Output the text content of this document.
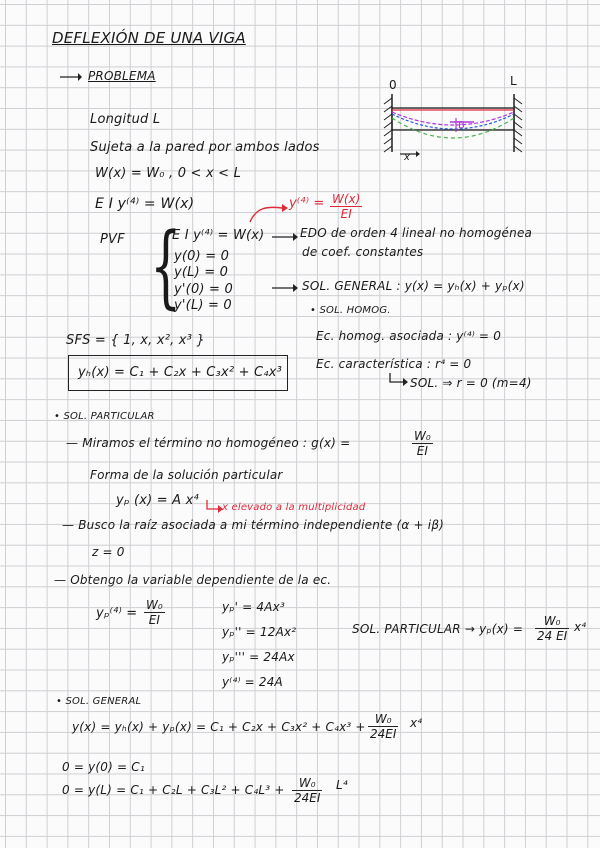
DEFLEXIÓN DE UNA VIGA
PROBLEMA
Longitud L
Sujeta a la pared por ambos lados
W(x) = W₀ , 0 < x < L
E I y⁽⁴⁾ = W(x)	$y^{(4)} = \frac{W(x)}{EI}$
PVF {
E I y⁽⁴⁾ = W(x)
y(0) = 0
y(L) = 0
y'(0) = 0
y'(L) = 0
EDO de orden 4 lineal no homogénea
de coef. constantes
SOL. GENERAL : y(x) = yₕ(x) + yₚ(x)
• SOL. HOMOG.
Ec. homog. asociada : y⁽⁴⁾ = 0
Ec. característica : r⁴ = 0
SOL. ⇒ r = 0 (m=4)
SFS = { 1, x, x², x³ }
yₕ(x) = C₁ + C₂x + C₃x² + C₄x³
• SOL. PARTICULAR
— Miramos el término no homogéneo : g(x) =	$\frac{\text{W₀}}{EI}$
Forma de la solución particular
yₚ (x) = A x⁴ x elevado a la multiplicidad
— Busco la raíz asociada a mi término independiente (α + iβ)
z = 0
— Obtengo la variable dependiente de la ec.
$y_p^{(4)} = \frac{\text{W₀}}{EI}$	yₚ' = 4Ax³
yₚ'' = 12Ax²
yₚ''' = 24Ax
y⁽⁴⁾ = 24A
SOL. PARTICULAR → $y_p(x) = \frac{\text{W₀}}{24 EI} x^4$
• SOL. GENERAL
$y(x) = y_h(x) + y_p(x) = C_1 + C_2x + C_3x^2 + C_4x^3 + \frac{\text{W₀}}{24EI} x^4$
0 = y(0) = C₁
$0 = y(L) = C_1 + C_2L + C_3L^2 + C_4L^3 + \frac{\text{W₀}}{24EI} L^4$
0	L
B
x
